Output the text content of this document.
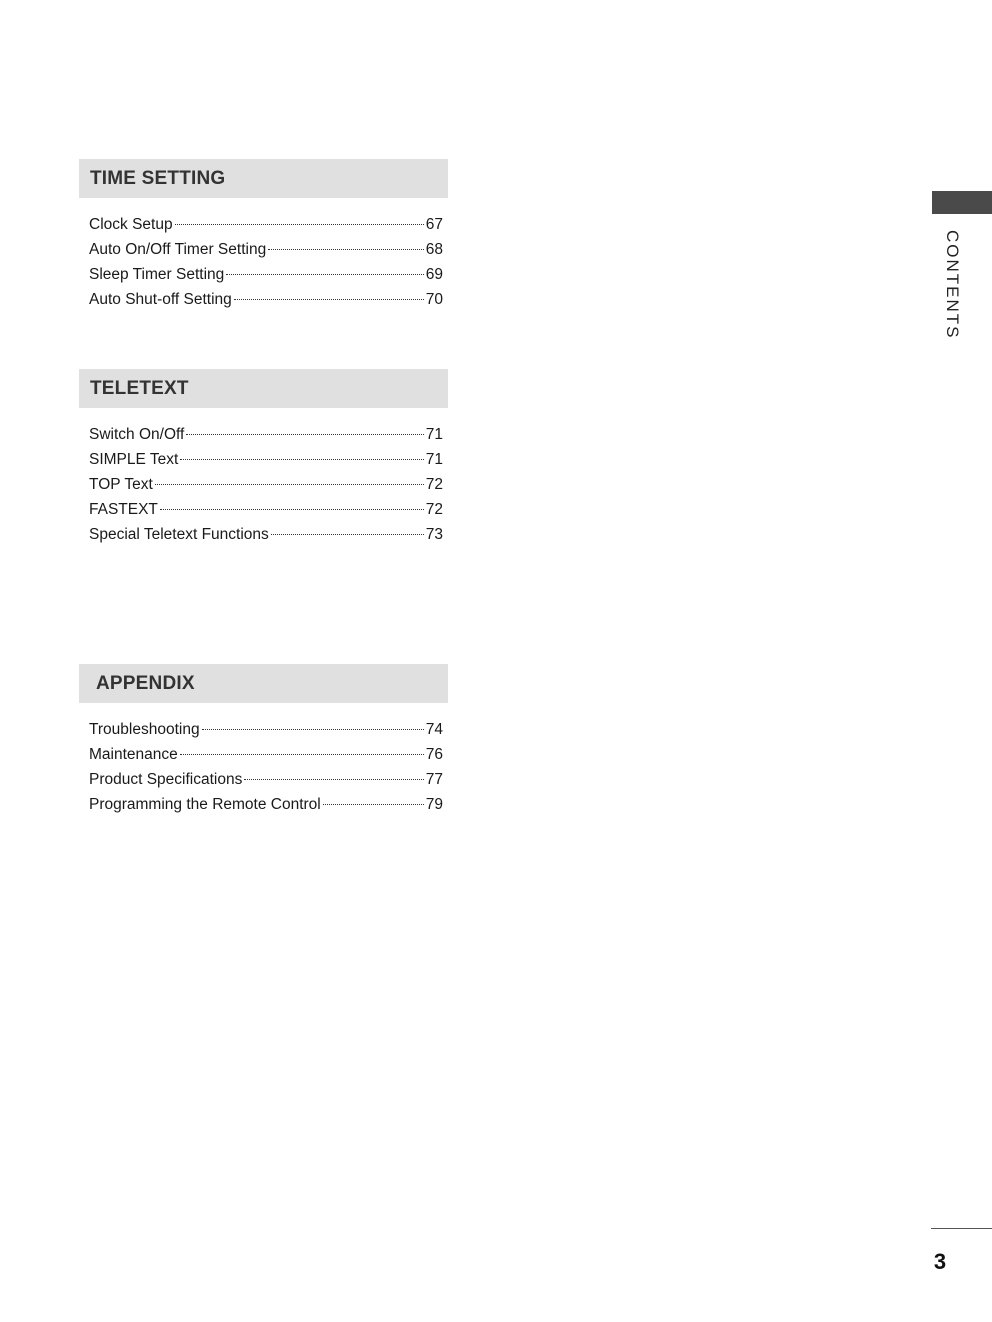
TIME SETTING
Clock Setup	67
Auto On/Off Timer Setting	68
Sleep Timer Setting	69
Auto Shut-off Setting	70
TELETEXT
Switch On/Off	71
SIMPLE Text	71
TOP Text	72
FASTEXT	72
Special Teletext Functions	73
APPENDIX
Troubleshooting	74
Maintenance	76
Product Specifications	77
Programming the Remote Control	79
CONTENTS
3
